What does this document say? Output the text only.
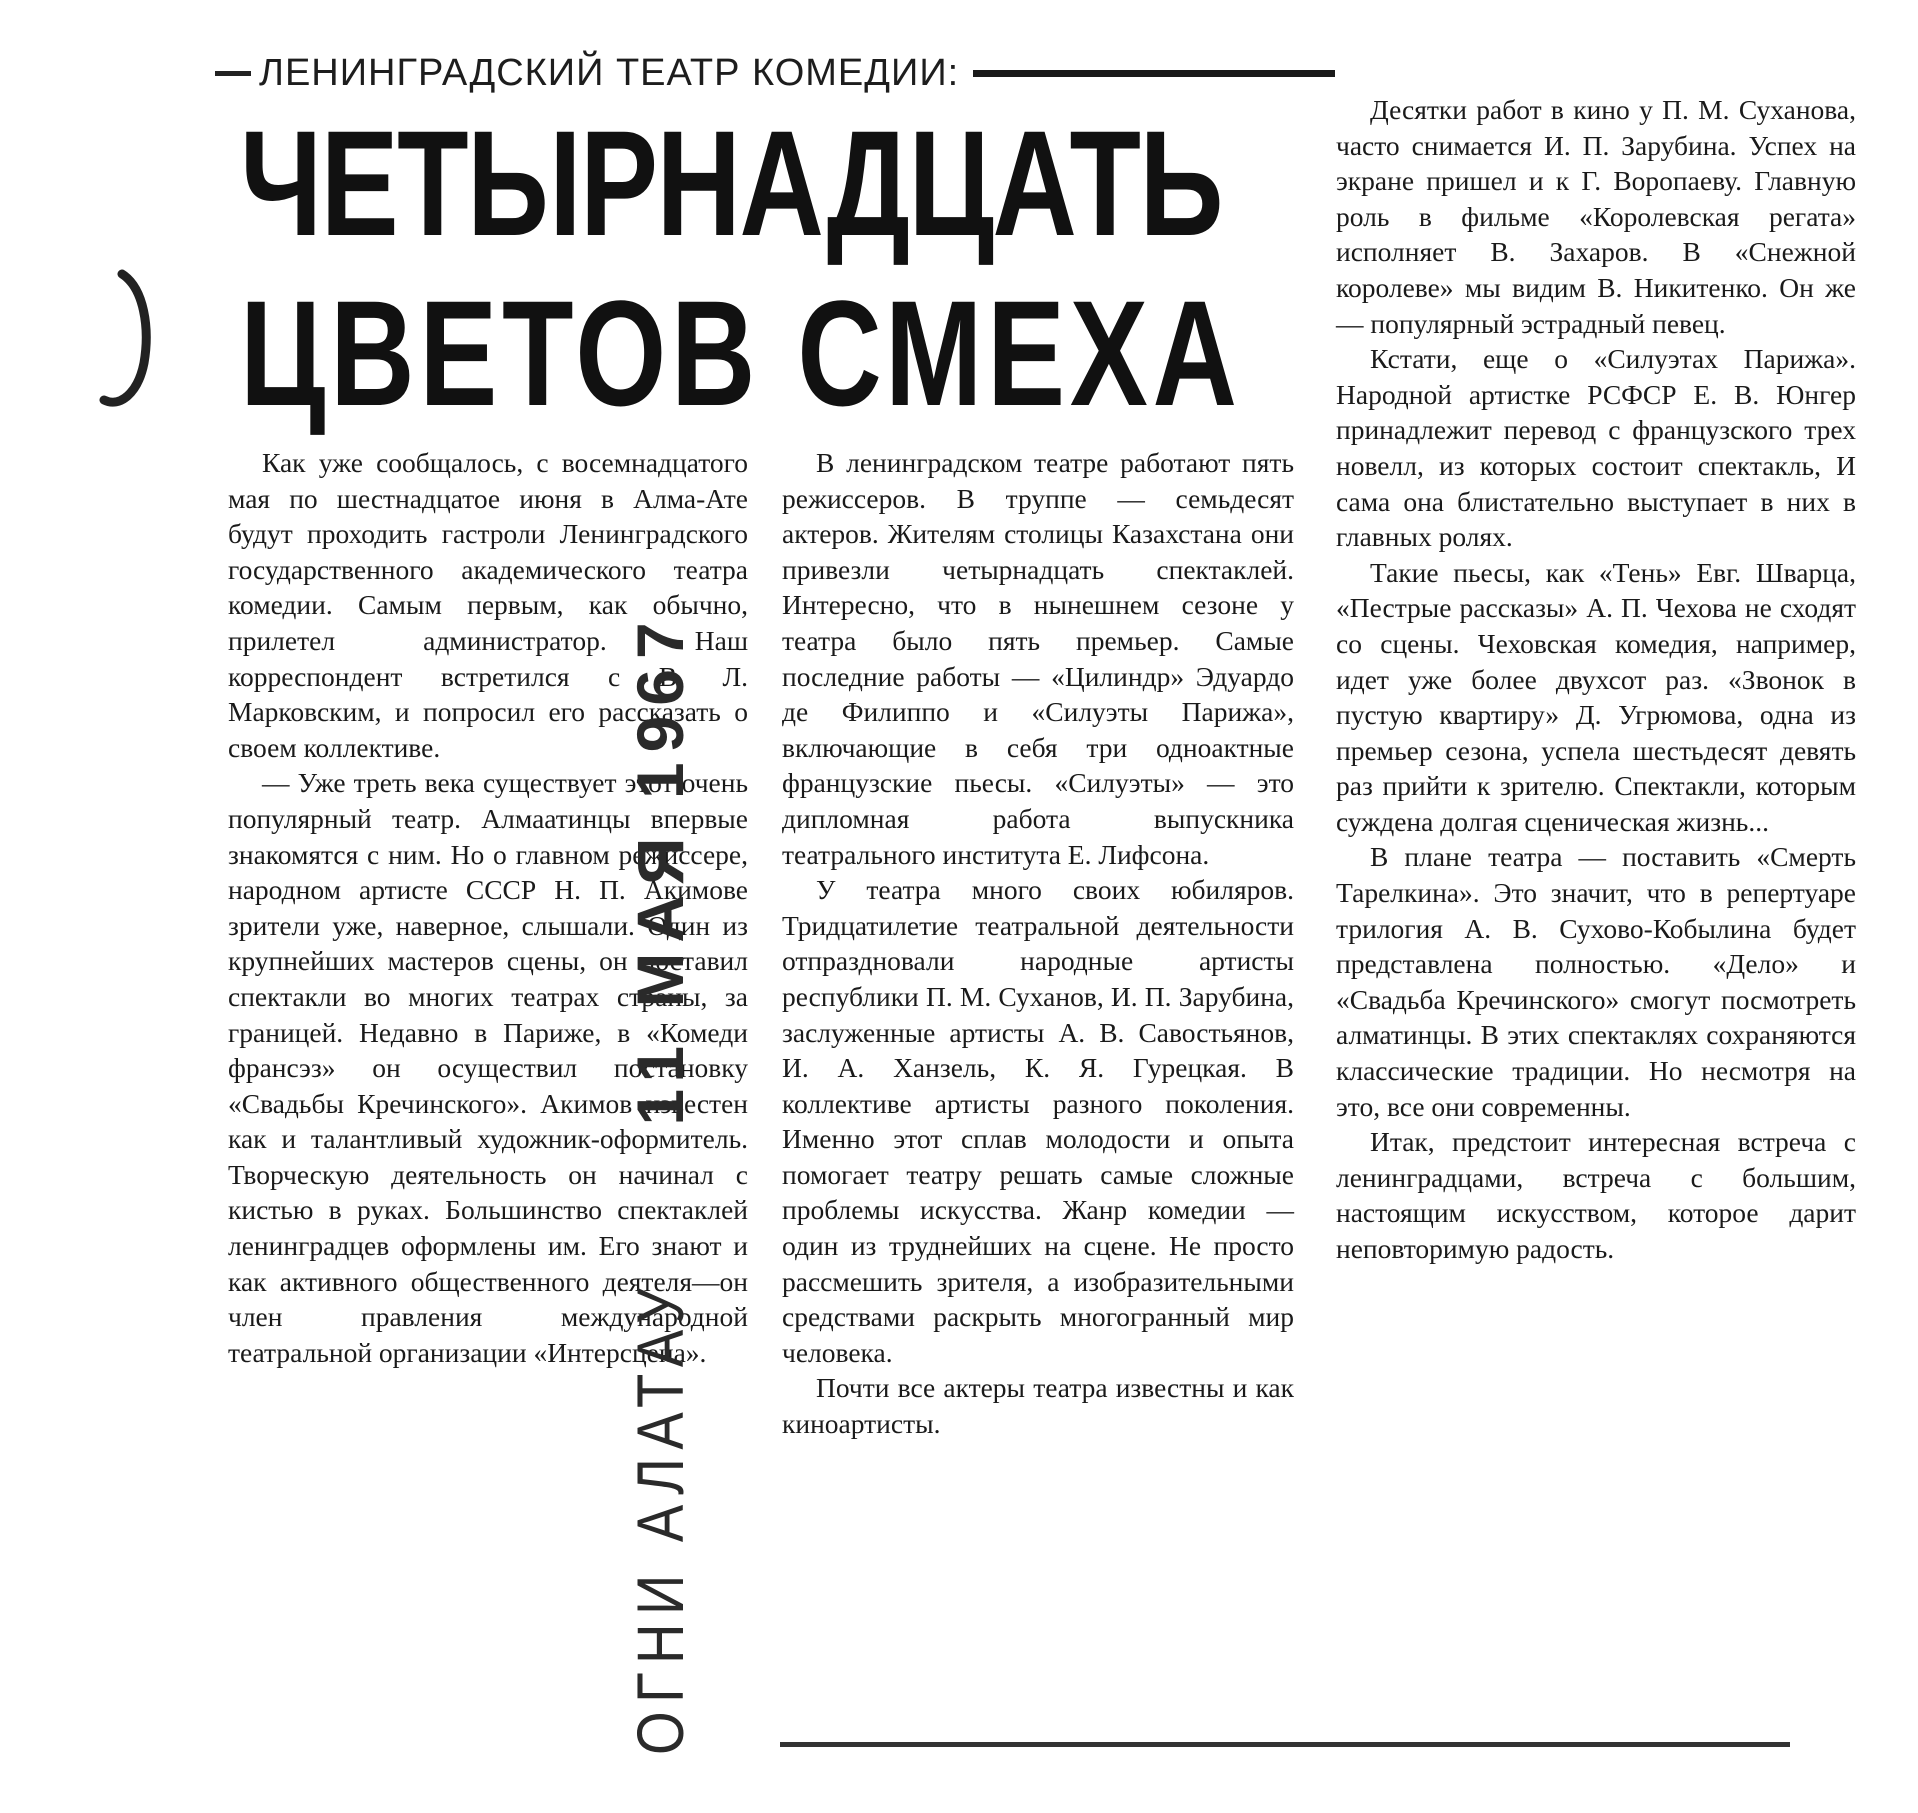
ЛЕНИНГРАДСКИЙ ТЕАТР КОМЕДИИ:
ЧЕТЫРНАДЦАТЬ
ЦВЕТОВ СМЕХА

Как уже сообщалось, с восемнадцатого мая по шестнадцатое июня в Алма-Ате будут проходить гастроли Ленинградского государственного академического театра комедии. Самым первым, как обычно, прилетел администратор. Наш корреспондент встретился с В. Л. Марковским, и попросил его рассказать о своем коллективе.

— Уже треть века существует этот очень популярный театр. Алмаатинцы впервые знакомятся с ним. Но о главном режиссере, народном артисте СССР Н. П. Акимове зрители уже, наверное, слышали. Один из крупнейших мастеров сцены, он поставил спектакли во многих театрах страны, за границей. Недавно в Париже, в «Комеди франсэз» он осуществил постановку «Свадьбы Кречинского». Акимов известен как и талантливый художник-оформитель. Творческую деятельность он начинал с кистью в руках. Большинство спектаклей ленинградцев оформлены им. Его знают и как активного общественного деятеля—он член правления международной театральной организации «Интерсцена».

В ленинградском театре работают пять режиссеров. В труппе — семьдесят актеров. Жителям столицы Казахстана они привезли четырнадцать спектаклей. Интересно, что в нынешнем сезоне у театра было пять премьер. Самые последние работы — «Цилиндр» Эдуардо де Филиппо и «Силуэты Парижа», включающие в себя три одноактные французские пьесы. «Силуэты» — это дипломная работа выпускника театрального института Е. Лифсона.

У театра много своих юбиляров. Тридцатилетие театральной деятельности отпраздновали народные артисты республики П. М. Суханов, И. П. Зарубина, заслуженные артисты А. В. Савостьянов, И. А. Ханзель, К. Я. Гурецкая. В коллективе артисты разного поколения. Именно этот сплав молодости и опыта помогает театру решать самые сложные проблемы искусства. Жанр комедии — один из труднейших на сцене. Не просто рассмешить зрителя, а изобразительными средствами раскрыть многогранный мир человека.

Почти все актеры театра известны и как киноартисты.

Десятки работ в кино у П. М. Суханова, часто снимается И. П. Зарубина. Успех на экране пришел и к Г. Воропаеву. Главную роль в фильме «Королевская регата» исполняет В. Захаров. В «Снежной королеве» мы видим В. Никитенко. Он же — популярный эстрадный певец.

Кстати, еще о «Силуэтах Парижа». Народной артистке РСФСР Е. В. Юнгер принадлежит перевод с французского трех новелл, из которых состоит спектакль, И сама она блистательно выступает в них в главных ролях.

Такие пьесы, как «Тень» Евг. Шварца, «Пестрые рассказы» А. П. Чехова не сходят со сцены. Чеховская комедия, например, идет уже более двухсот раз. «Звонок в пустую квартиру» Д. Угрюмова, одна из премьер сезона, успела шестьдесят девять раз прийти к зрителю. Спектакли, которым суждена долгая сценическая жизнь...

В плане театра — поставить «Смерть Тарелкина». Это значит, что в репертуаре трилогия А. В. Сухово-Кобылина будет представлена полностью. «Дело» и «Свадьба Кречинского» смогут посмотреть алматинцы. В этих спектаклях сохраняются классические традиции. Но несмотря на это, все они современны.

Итак, предстоит интересная встреча с ленинградцами, встреча с большим, настоящим искусством, которое дарит неповторимую радость.

ОГНИ АЛАТАУ
11 МАЯ 1967
